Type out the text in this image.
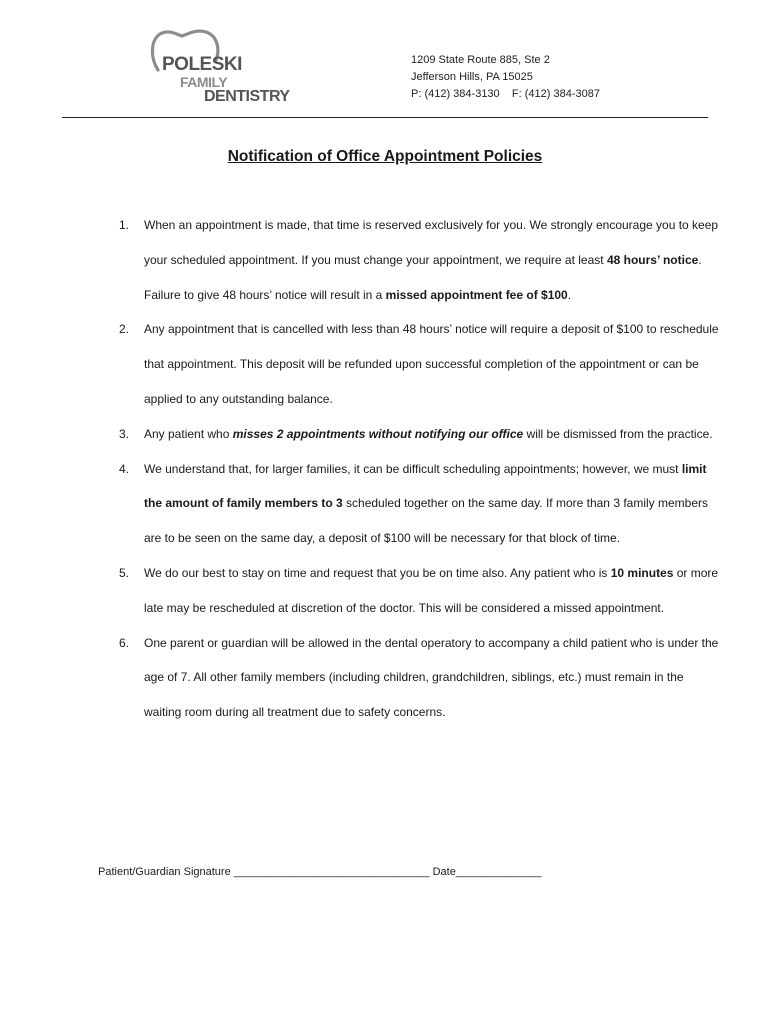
POLESKI
FAMILY
DENTISTRY
1209 State Route 885, Ste 2
Jefferson Hills, PA 15025
P: (412) 384-3130    F: (412) 384-3087
Notification of Office Appointment Policies
1. When an appointment is made, that time is reserved exclusively for you. We strongly encourage you to keep your scheduled appointment. If you must change your appointment, we require at least 48 hours’ notice. Failure to give 48 hours’ notice will result in a missed appointment fee of $100.
2. Any appointment that is cancelled with less than 48 hours’ notice will require a deposit of $100 to reschedule that appointment. This deposit will be refunded upon successful completion of the appointment or can be applied to any outstanding balance.
3. Any patient who misses 2 appointments without notifying our office will be dismissed from the practice.
4. We understand that, for larger families, it can be difficult scheduling appointments; however, we must limit the amount of family members to 3 scheduled together on the same day. If more than 3 family members are to be seen on the same day, a deposit of $100 will be necessary for that block of time.
5. We do our best to stay on time and request that you be on time also. Any patient who is 10 minutes or more late may be rescheduled at discretion of the doctor. This will be considered a missed appointment.
6. One parent or guardian will be allowed in the dental operatory to accompany a child patient who is under the age of 7. All other family members (including children, grandchildren, siblings, etc.) must remain in the waiting room during all treatment due to safety concerns.
Patient/Guardian Signature ________________________________ Date______________
